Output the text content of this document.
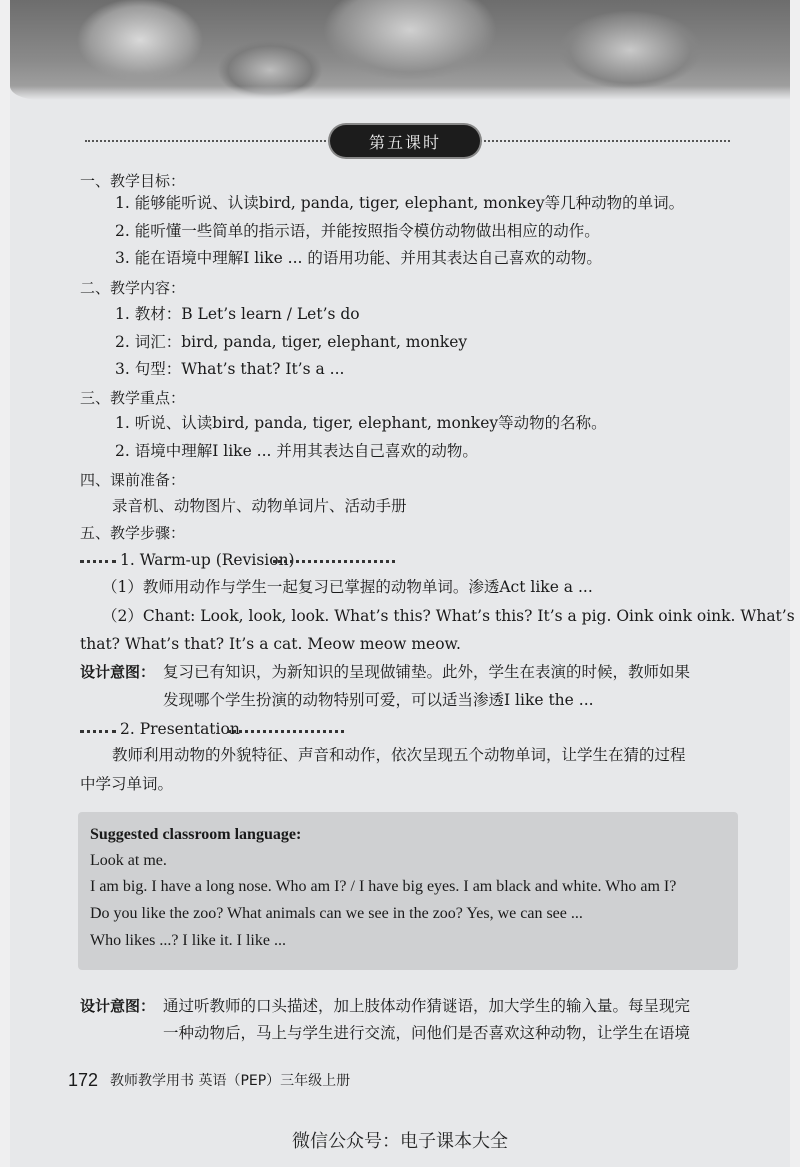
第五课时
一、教学目标：
1. 能够能听说、认读bird, panda, tiger, elephant, monkey等几种动物的单词。
2. 能听懂一些简单的指示语，并能按照指令模仿动物做出相应的动作。
3. 能在语境中理解I like ... 的语用功能、并用其表达自己喜欢的动物。
二、教学内容：
1. 教材：B Let’s learn / Let’s do
2. 词汇：bird, panda, tiger, elephant, monkey
3. 句型：What’s that? It’s a ...
三、教学重点：
1. 听说、认读bird, panda, tiger, elephant, monkey等动物的名称。
2. 语境中理解I like ... 并用其表达自己喜欢的动物。
四、课前准备：
录音机、动物图片、动物单词片、活动手册
五、教学步骤：
1. Warm-up (Revision)
（1）教师用动作与学生一起复习已掌握的动物单词。渗透Act like a ...
（2）Chant: Look, look, look. What’s this? What’s this? It’s a pig. Oink oink oink. What’s
that? What’s that? It’s a cat. Meow meow meow.
设计意图： 复习已有知识，为新知识的呈现做铺垫。此外，学生在表演的时候，教师如果
发现哪个学生扮演的动物特别可爱，可以适当渗透I like the ...
2. Presentation
教师利用动物的外貌特征、声音和动作，依次呈现五个动物单词，让学生在猜的过程
中学习单词。
Suggested classroom language:
Look at me.
I am big. I have a long nose. Who am I? / I have big eyes. I am black and white. Who am I?
Do you like the zoo? What animals can we see in the zoo? Yes, we can see ...
Who likes ...? I like it. I like ...
设计意图： 通过听教师的口头描述，加上肢体动作猜谜语，加大学生的输入量。每呈现完
一种动物后，马上与学生进行交流，问他们是否喜欢这种动物，让学生在语境
172 教师教学用书 英语（PEP）三年级上册
微信公众号：电子课本大全
